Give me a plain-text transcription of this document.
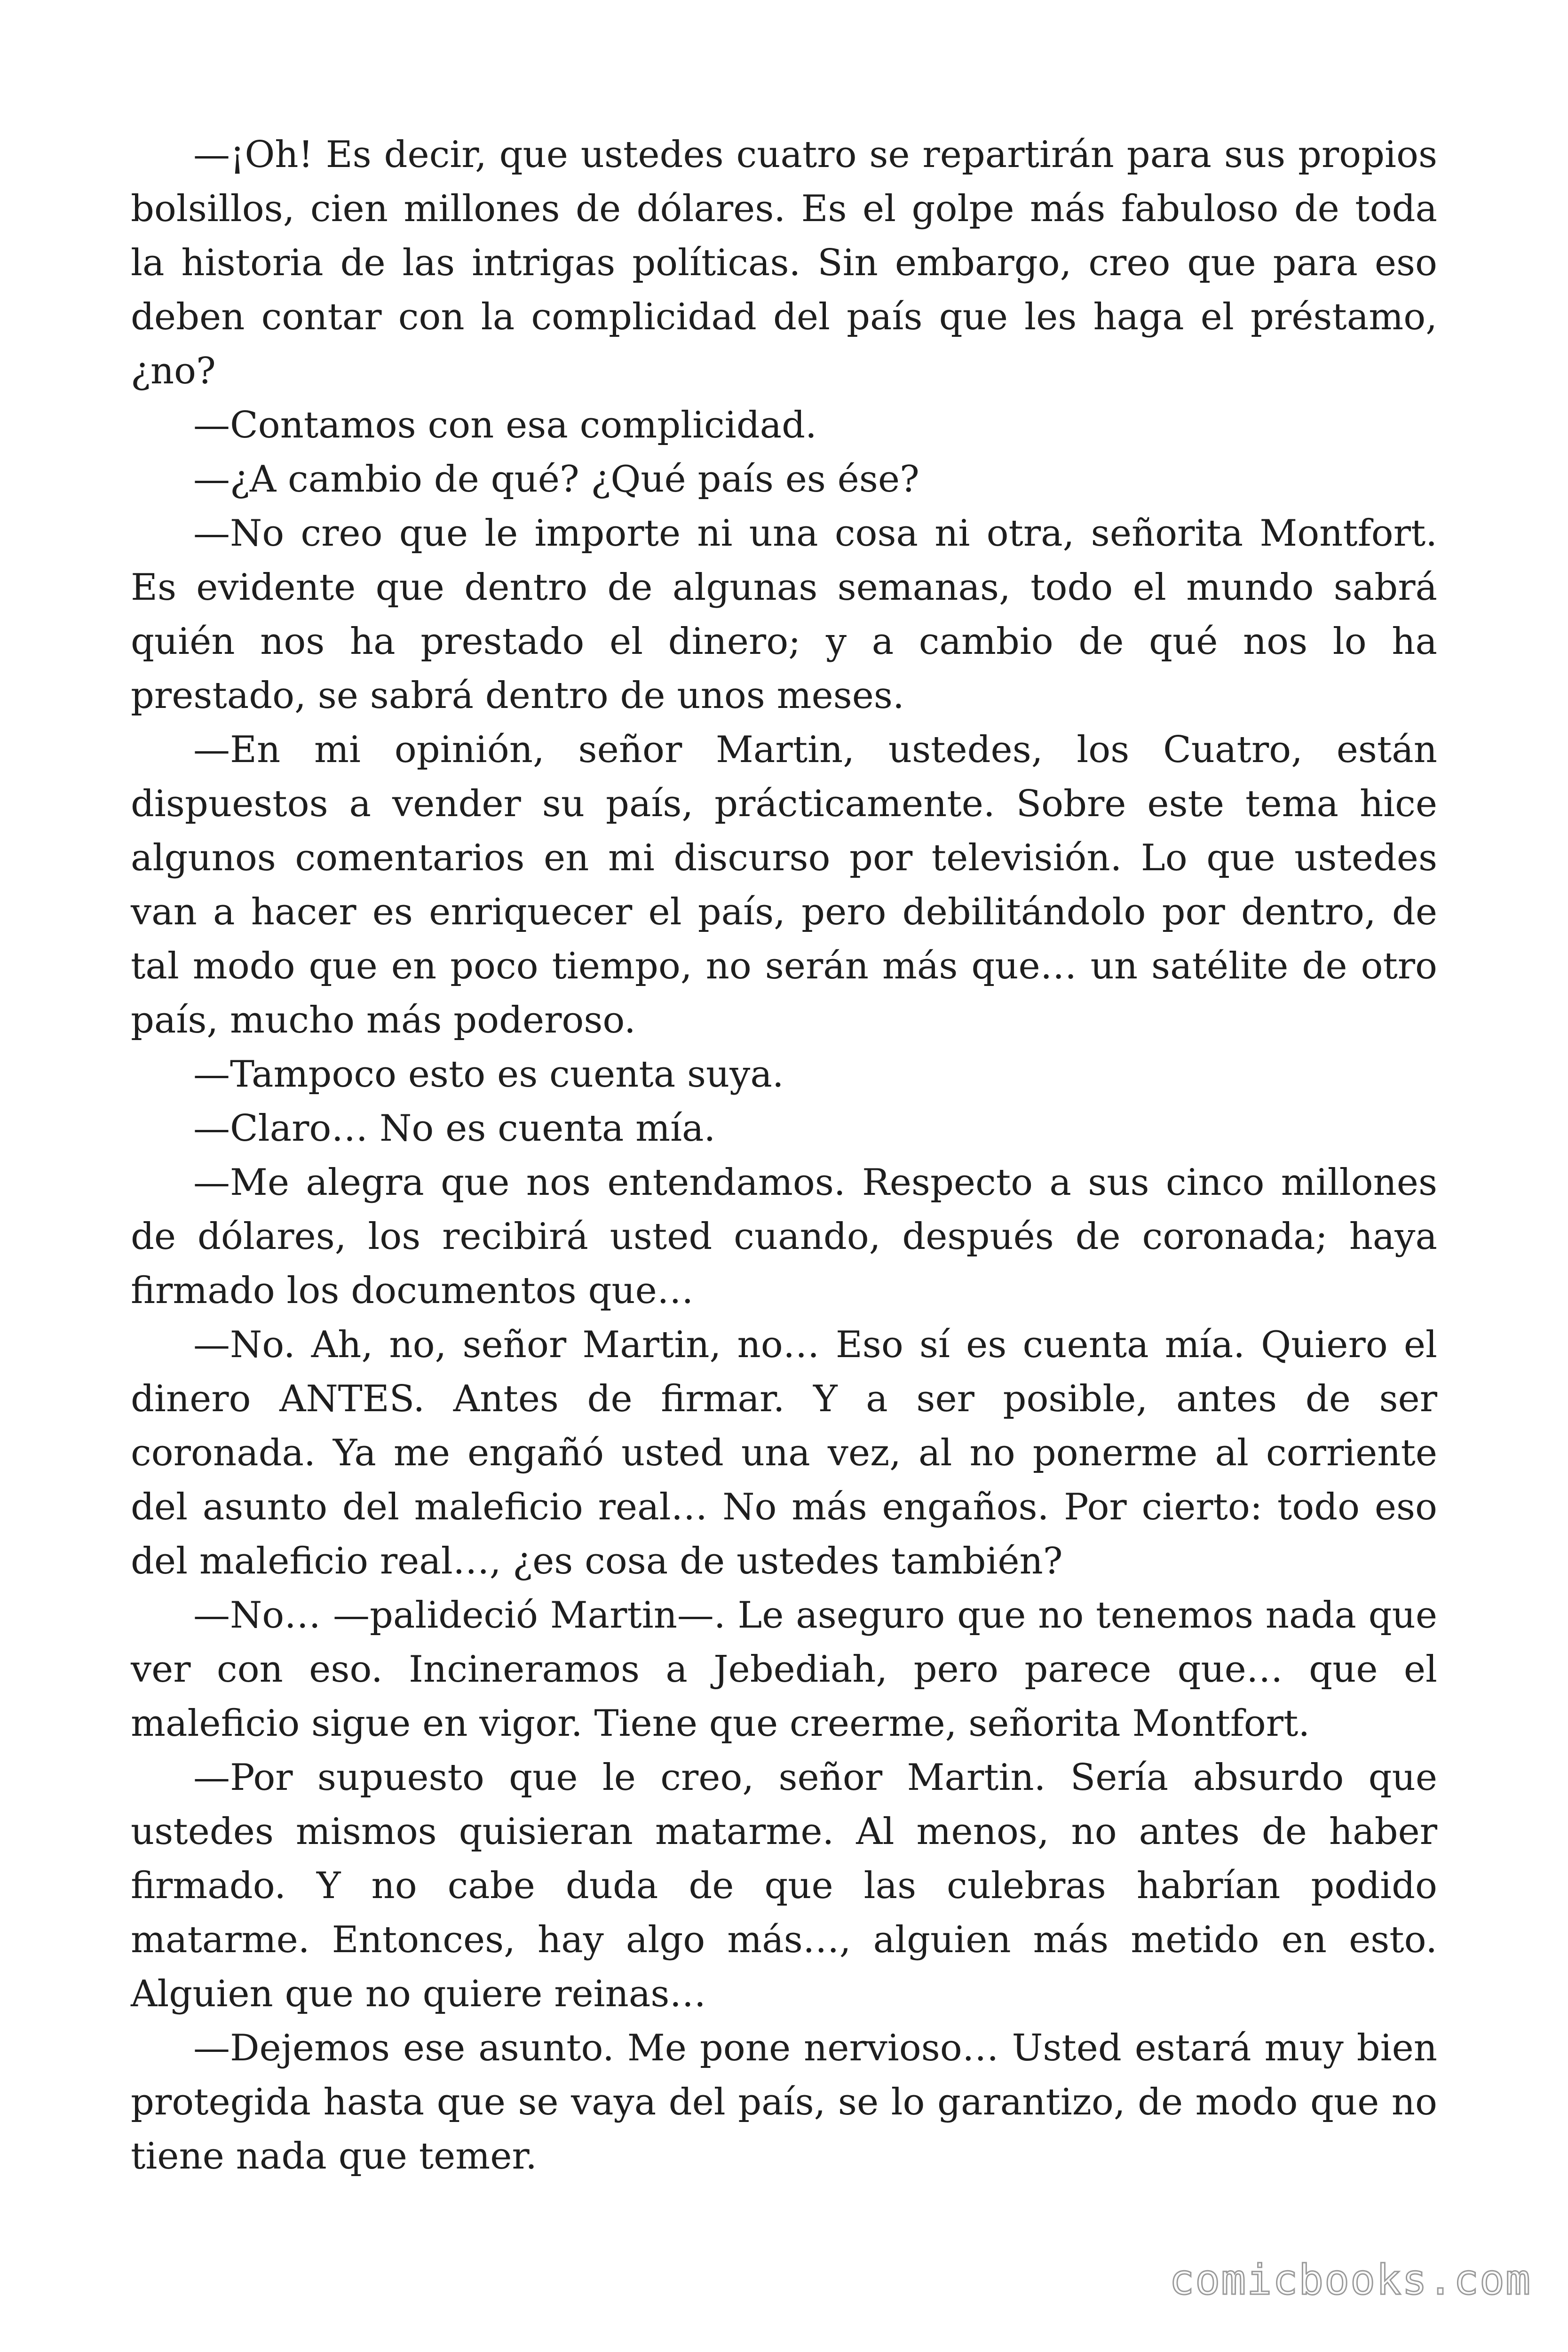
—¡Oh! Es decir, que ustedes cuatro se repartirán para sus propios bolsillos, cien millones de dólares. Es el golpe más fabuloso de toda la historia de las intrigas políticas. Sin embargo, creo que para eso deben contar con la complicidad del país que les haga el préstamo, ¿no?

—Contamos con esa complicidad.

—¿A cambio de qué? ¿Qué país es ése?

—No creo que le importe ni una cosa ni otra, señorita Montfort. Es evidente que dentro de algunas semanas, todo el mundo sabrá quién nos ha prestado el dinero; y a cambio de qué nos lo ha prestado, se sabrá dentro de unos meses.

—En mi opinión, señor Martin, ustedes, los Cuatro, están dispuestos a vender su país, prácticamente. Sobre este tema hice algunos comentarios en mi discurso por televisión. Lo que ustedes van a hacer es enriquecer el país, pero debilitándolo por dentro, de tal modo que en poco tiempo, no serán más que… un satélite de otro país, mucho más poderoso.

—Tampoco esto es cuenta suya.

—Claro… No es cuenta mía.

—Me alegra que nos entendamos. Respecto a sus cinco millones de dólares, los recibirá usted cuando, después de coronada; haya firmado los documentos que…

—No. Ah, no, señor Martin, no… Eso sí es cuenta mía. Quiero el dinero ANTES. Antes de firmar. Y a ser posible, antes de ser coronada. Ya me engañó usted una vez, al no ponerme al corriente del asunto del maleficio real… No más engaños. Por cierto: todo eso del maleficio real…, ¿es cosa de ustedes también?

—No… —palideció Martin—. Le aseguro que no tenemos nada que ver con eso. Incineramos a Jebediah, pero parece que… que el maleficio sigue en vigor. Tiene que creerme, señorita Montfort.

—Por supuesto que le creo, señor Martin. Sería absurdo que ustedes mismos quisieran matarme. Al menos, no antes de haber firmado. Y no cabe duda de que las culebras habrían podido matarme. Entonces, hay algo más…, alguien más metido en esto. Alguien que no quiere reinas…

—Dejemos ese asunto. Me pone nervioso… Usted estará muy bien protegida hasta que se vaya del país, se lo garantizo, de modo que no tiene nada que temer.

comicbooks.com
